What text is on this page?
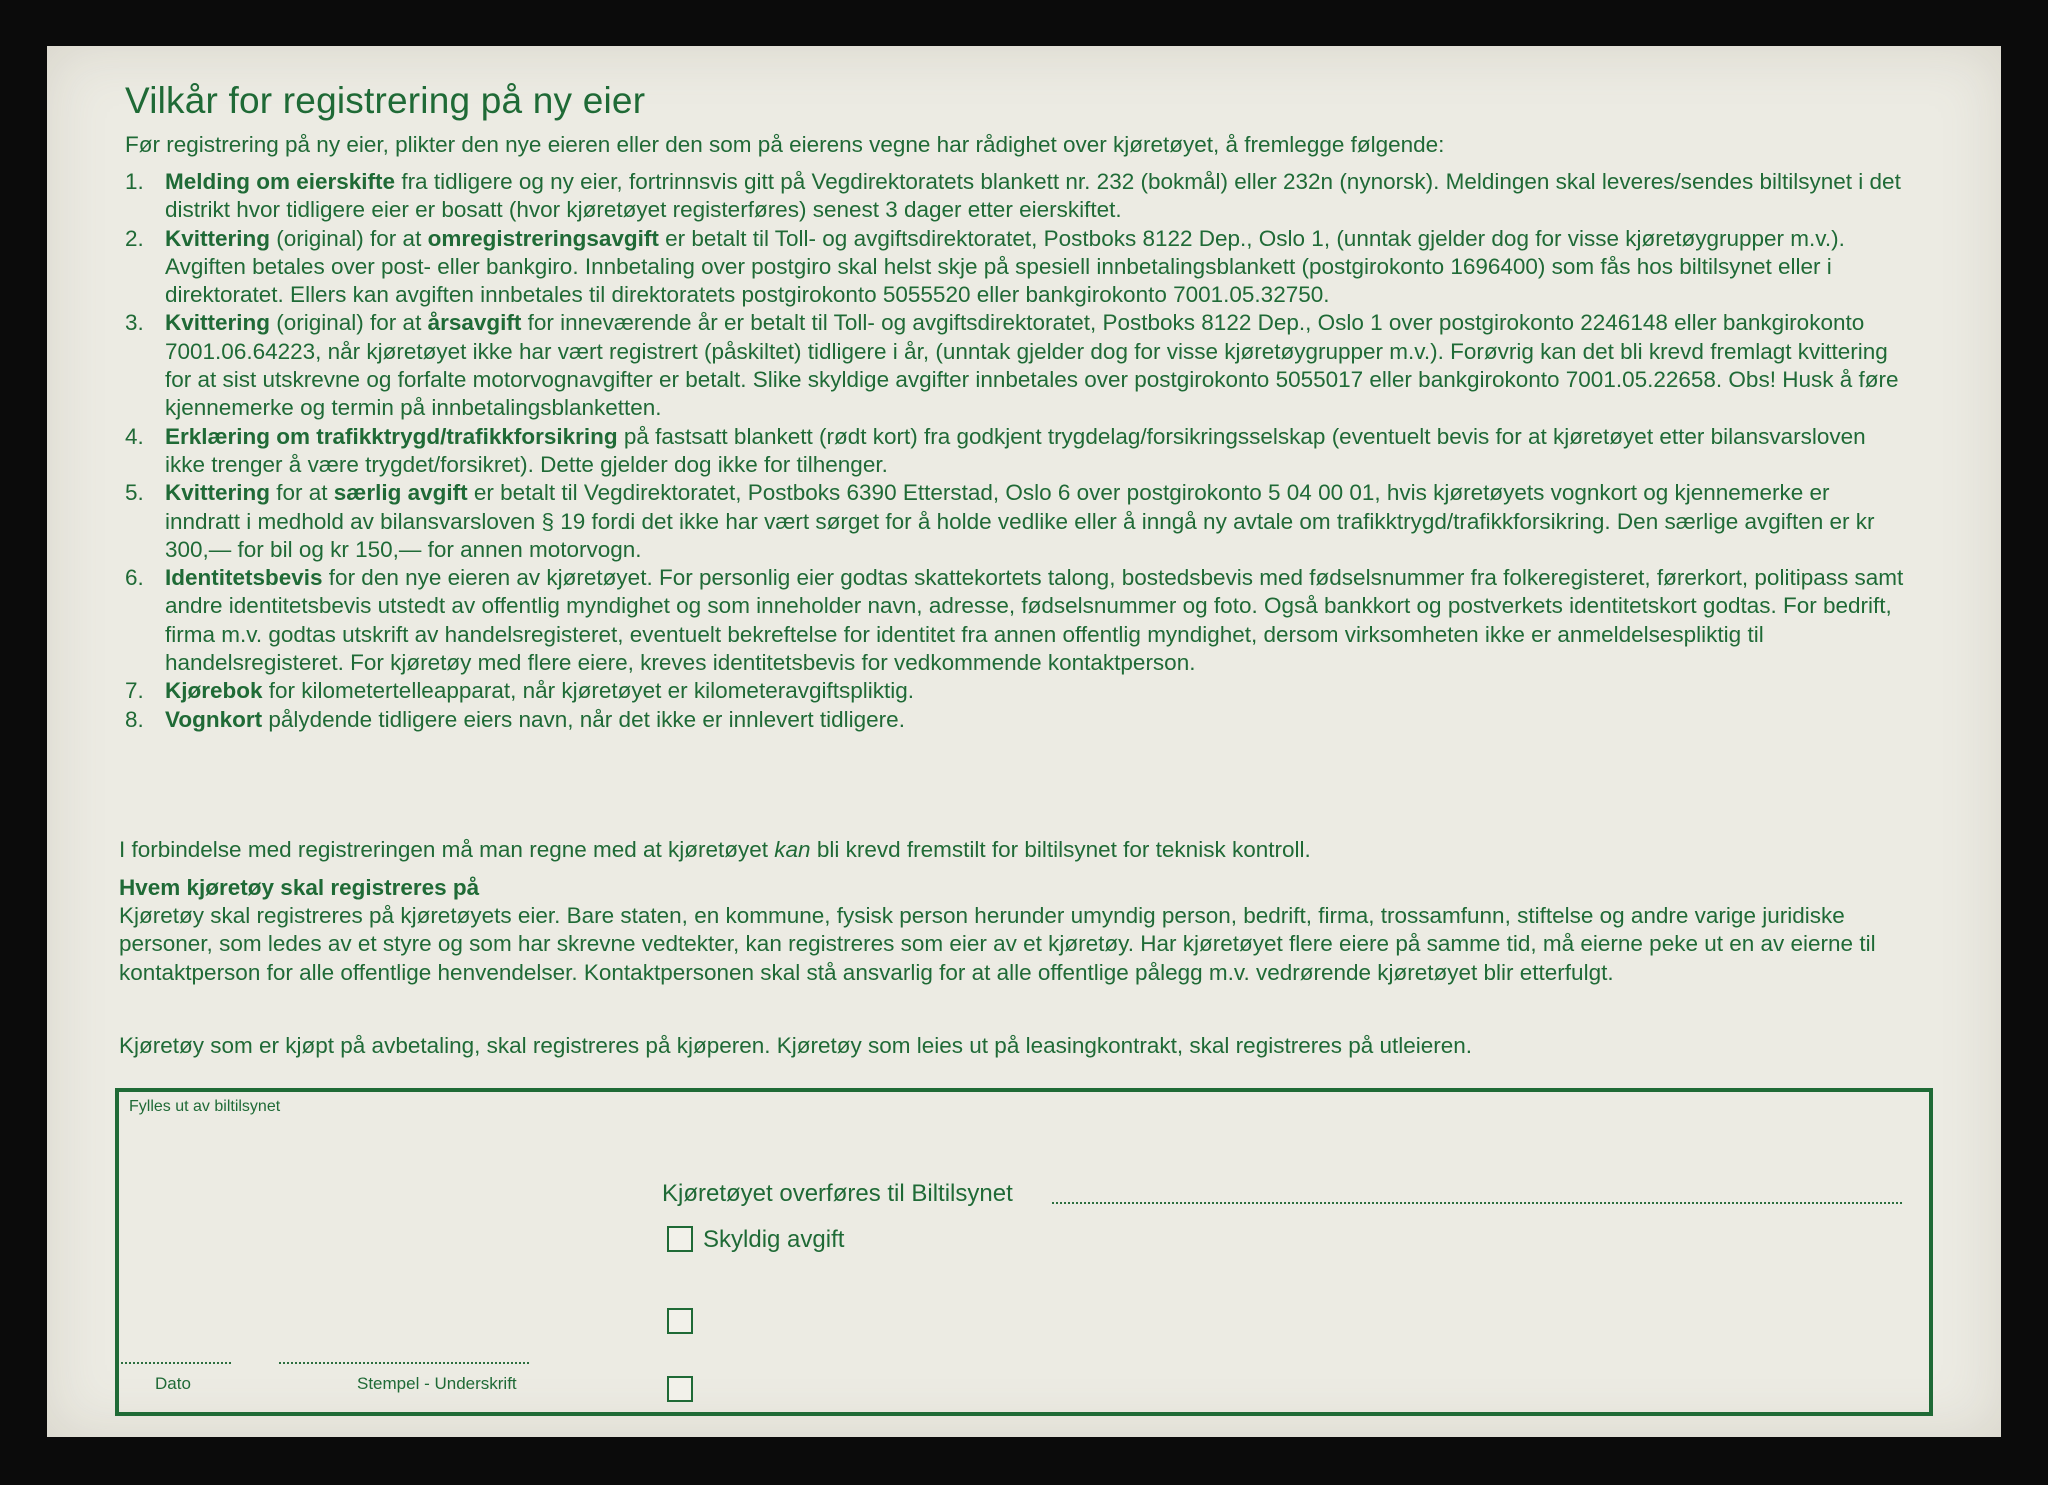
Vilkår for registrering på ny eier

Før registrering på ny eier, plikter den nye eieren eller den som på eierens vegne har rådighet over kjøretøyet, å fremlegge følgende:

1. Melding om eierskifte fra tidligere og ny eier, fortrinnsvis gitt på Vegdirektoratets blankett nr. 232 (bokmål) eller 232n (nynorsk). Meldingen skal leveres/sendes biltilsynet i det distrikt hvor tidligere eier er bosatt (hvor kjøretøyet registerføres) senest 3 dager etter eierskiftet.
2. Kvittering (original) for at omregistreringsavgift er betalt til Toll- og avgiftsdirektoratet, Postboks 8122 Dep., Oslo 1, (unntak gjelder dog for visse kjøretøygrupper m.v.). Avgiften betales over post- eller bankgiro. Innbetaling over postgiro skal helst skje på spesiell innbetalingsblankett (postgirokonto 1696400) som fås hos biltilsynet eller i direktoratet. Ellers kan avgiften innbetales til direktoratets postgirokonto 5055520 eller bankgirokonto 7001.05.32750.
3. Kvittering (original) for at årsavgift for inneværende år er betalt til Toll- og avgiftsdirektoratet, Postboks 8122 Dep., Oslo 1 over postgirokonto 2246148 eller bankgirokonto 7001.06.64223, når kjøretøyet ikke har vært registrert (påskiltet) tidligere i år, (unntak gjelder dog for visse kjøretøygrupper m.v.). Forøvrig kan det bli krevd fremlagt kvittering for at sist utskrevne og forfalte motorvognavgifter er betalt. Slike skyldige avgifter innbetales over postgirokonto 5055017 eller bankgirokonto 7001.05.22658. Obs! Husk å føre kjennemerke og termin på innbetalingsblanketten.
4. Erklæring om trafikktrygd/trafikkforsikring på fastsatt blankett (rødt kort) fra godkjent trygdelag/forsikringsselskap (eventuelt bevis for at kjøretøyet etter bilansvarsloven ikke trenger å være trygdet/forsikret). Dette gjelder dog ikke for tilhenger.
5. Kvittering for at særlig avgift er betalt til Vegdirektoratet, Postboks 6390 Etterstad, Oslo 6 over postgirokonto 5 04 00 01, hvis kjøretøyets vognkort og kjennemerke er inndratt i medhold av bilansvarsloven § 19 fordi det ikke har vært sørget for å holde vedlike eller å inngå ny avtale om trafikktrygd/trafikkforsikring. Den særlige avgiften er kr 300,— for bil og kr 150,— for annen motorvogn.
6. Identitetsbevis for den nye eieren av kjøretøyet. For personlig eier godtas skattekortets talong, bostedsbevis med fødselsnummer fra folkeregisteret, førerkort, politipass samt andre identitetsbevis utstedt av offentlig myndighet og som inneholder navn, adresse, fødselsnummer og foto. Også bankkort og postverkets identitetskort godtas. For bedrift, firma m.v. godtas utskrift av handelsregisteret, eventuelt bekreftelse for identitet fra annen offentlig myndighet, dersom virksomheten ikke er anmeldelsespliktig til handelsregisteret. For kjøretøy med flere eiere, kreves identitetsbevis for vedkommende kontaktperson.
7. Kjørebok for kilometertelleapparat, når kjøretøyet er kilometeravgiftspliktig.
8. Vognkort pålydende tidligere eiers navn, når det ikke er innlevert tidligere.

I forbindelse med registreringen må man regne med at kjøretøyet kan bli krevd fremstilt for biltilsynet for teknisk kontroll.

Hvem kjøretøy skal registreres på

Kjøretøy skal registreres på kjøretøyets eier. Bare staten, en kommune, fysisk person herunder umyndig person, bedrift, firma, trossamfunn, stiftelse og andre varige juridiske personer, som ledes av et styre og som har skrevne vedtekter, kan registreres som eier av et kjøretøy. Har kjøretøyet flere eiere på samme tid, må eierne peke ut en av eierne til kontaktperson for alle offentlige henvendelser. Kontaktpersonen skal stå ansvarlig for at alle offentlige pålegg m.v. vedrørende kjøretøyet blir etterfulgt.

Kjøretøy som er kjøpt på avbetaling, skal registreres på kjøperen. Kjøretøy som leies ut på leasingkontrakt, skal registreres på utleieren.

Fylles ut av biltilsynet
Kjøretøyet overføres til Biltilsynet
Skyldig avgift
Dato	Stempel - Underskrift
